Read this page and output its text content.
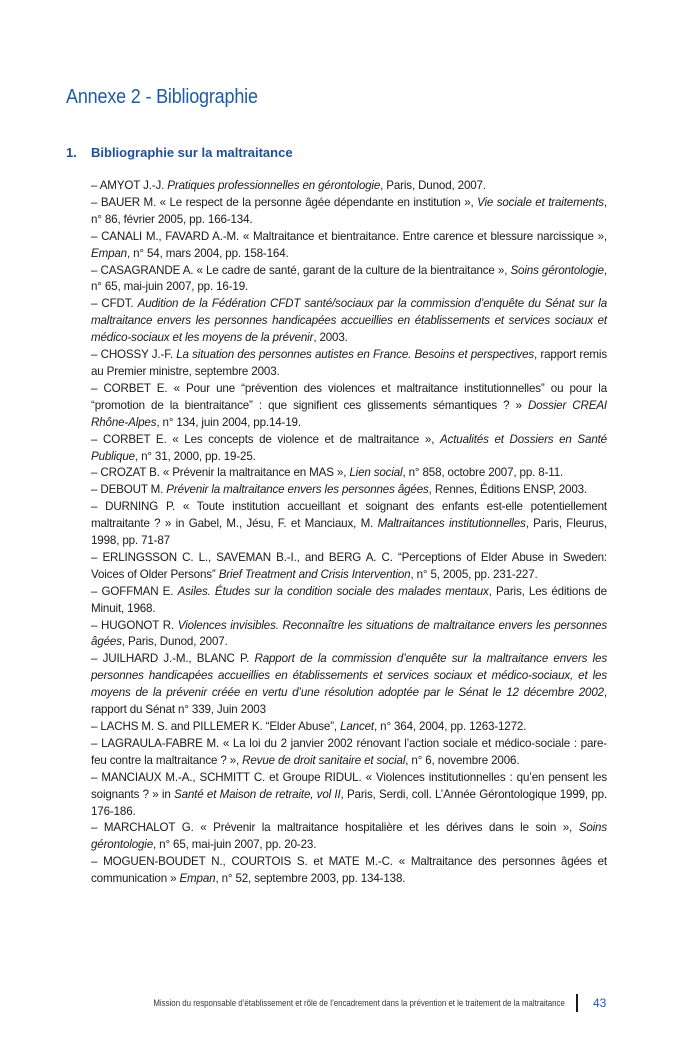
Annexe 2 - Bibliographie
1. Bibliographie sur la maltraitance

– AMYOT J.-J. Pratiques professionnelles en gérontologie, Paris, Dunod, 2007.

– BAUER M. « Le respect de la personne âgée dépendante en institution », Vie sociale et traitements, n° 86, février 2005, pp. 166-134.

– CANALI M., FAVARD A.-M. « Maltraitance et bientraitance. Entre carence et blessure narcissique », Empan, n° 54, mars 2004, pp. 158-164.

– CASAGRANDE A. « Le cadre de santé, garant de la culture de la bientraitance », Soins gérontologie, n° 65, mai-juin 2007, pp. 16-19.

– CFDT. Audition de la Fédération CFDT santé/sociaux par la commission d’enquête du Sénat sur la maltraitance envers les personnes handicapées accueillies en établissements et services sociaux et médico-sociaux et les moyens de la prévenir, 2003.

– CHOSSY J.-F. La situation des personnes autistes en France. Besoins et perspectives, rapport remis au Premier ministre, septembre 2003.

– CORBET E. « Pour une “prévention des violences et maltraitance institutionnelles” ou pour la “promotion de la bientraitance” : que signifient ces glissements sémantiques ? » Dossier CREAI Rhône-Alpes, n° 134, juin 2004, pp.14-19.

– CORBET E. « Les concepts de violence et de maltraitance », Actualités et Dossiers en Santé Publique, n° 31, 2000, pp. 19-25.

– CROZAT B. « Prévenir la maltraitance en MAS », Lien social, n° 858, octobre 2007, pp. 8-11.

– DEBOUT M. Prévenir la maltraitance envers les personnes âgées, Rennes, Éditions ENSP, 2003.

– DURNING P. « Toute institution accueillant et soignant des enfants est-elle potentiellement maltraitante ? » in Gabel, M., Jésu, F. et Manciaux, M. Maltraitances institutionnelles, Paris, Fleurus, 1998, pp. 71-87

– ERLINGSSON C. L., SAVEMAN B.-I., and BERG A. C. “Perceptions of Elder Abuse in Sweden: Voices of Older Persons” Brief Treatment and Crisis Intervention, n° 5, 2005, pp. 231-227.

– GOFFMAN E. Asiles. Études sur la condition sociale des malades mentaux, Paris, Les éditions de Minuit, 1968.

– HUGONOT R. Violences invisibles. Reconnaître les situations de maltraitance envers les personnes âgées, Paris, Dunod, 2007.

– JUILHARD J.-M., BLANC P. Rapport de la commission d’enquête sur la maltraitance envers les personnes handicapées accueillies en établissements et services sociaux et médico-sociaux, et les moyens de la prévenir créée en vertu d’une résolution adoptée par le Sénat le 12 décembre 2002, rapport du Sénat n° 339, Juin 2003

– LACHS M. S. and PILLEMER K. “Elder Abuse”, Lancet, n° 364, 2004, pp. 1263-1272.

– LAGRAULA-FABRE M. « La loi du 2 janvier 2002 rénovant l’action sociale et médico-sociale : pare-feu contre la maltraitance ? », Revue de droit sanitaire et social, n° 6, novembre 2006.

– MANCIAUX M.-A., SCHMITT C. et Groupe RIDUL. « Violences institutionnelles : qu’en pensent les soignants ? » in Santé et Maison de retraite, vol II, Paris, Serdi, coll. L’Année Gérontologique 1999, pp. 176-186.

– MARCHALOT G. « Prévenir la maltraitance hospitalière et les dérives dans le soin », Soins gérontologie, n° 65, mai-juin 2007, pp. 20-23.

– MOGUEN-BOUDET N., COURTOIS S. et MATE M.-C. « Maltraitance des personnes âgées et communication » Empan, n° 52, septembre 2003, pp. 134-138.

Mission du responsable d’établissement et rôle de l’encadrement dans la prévention et le traitement de la maltraitance 43
